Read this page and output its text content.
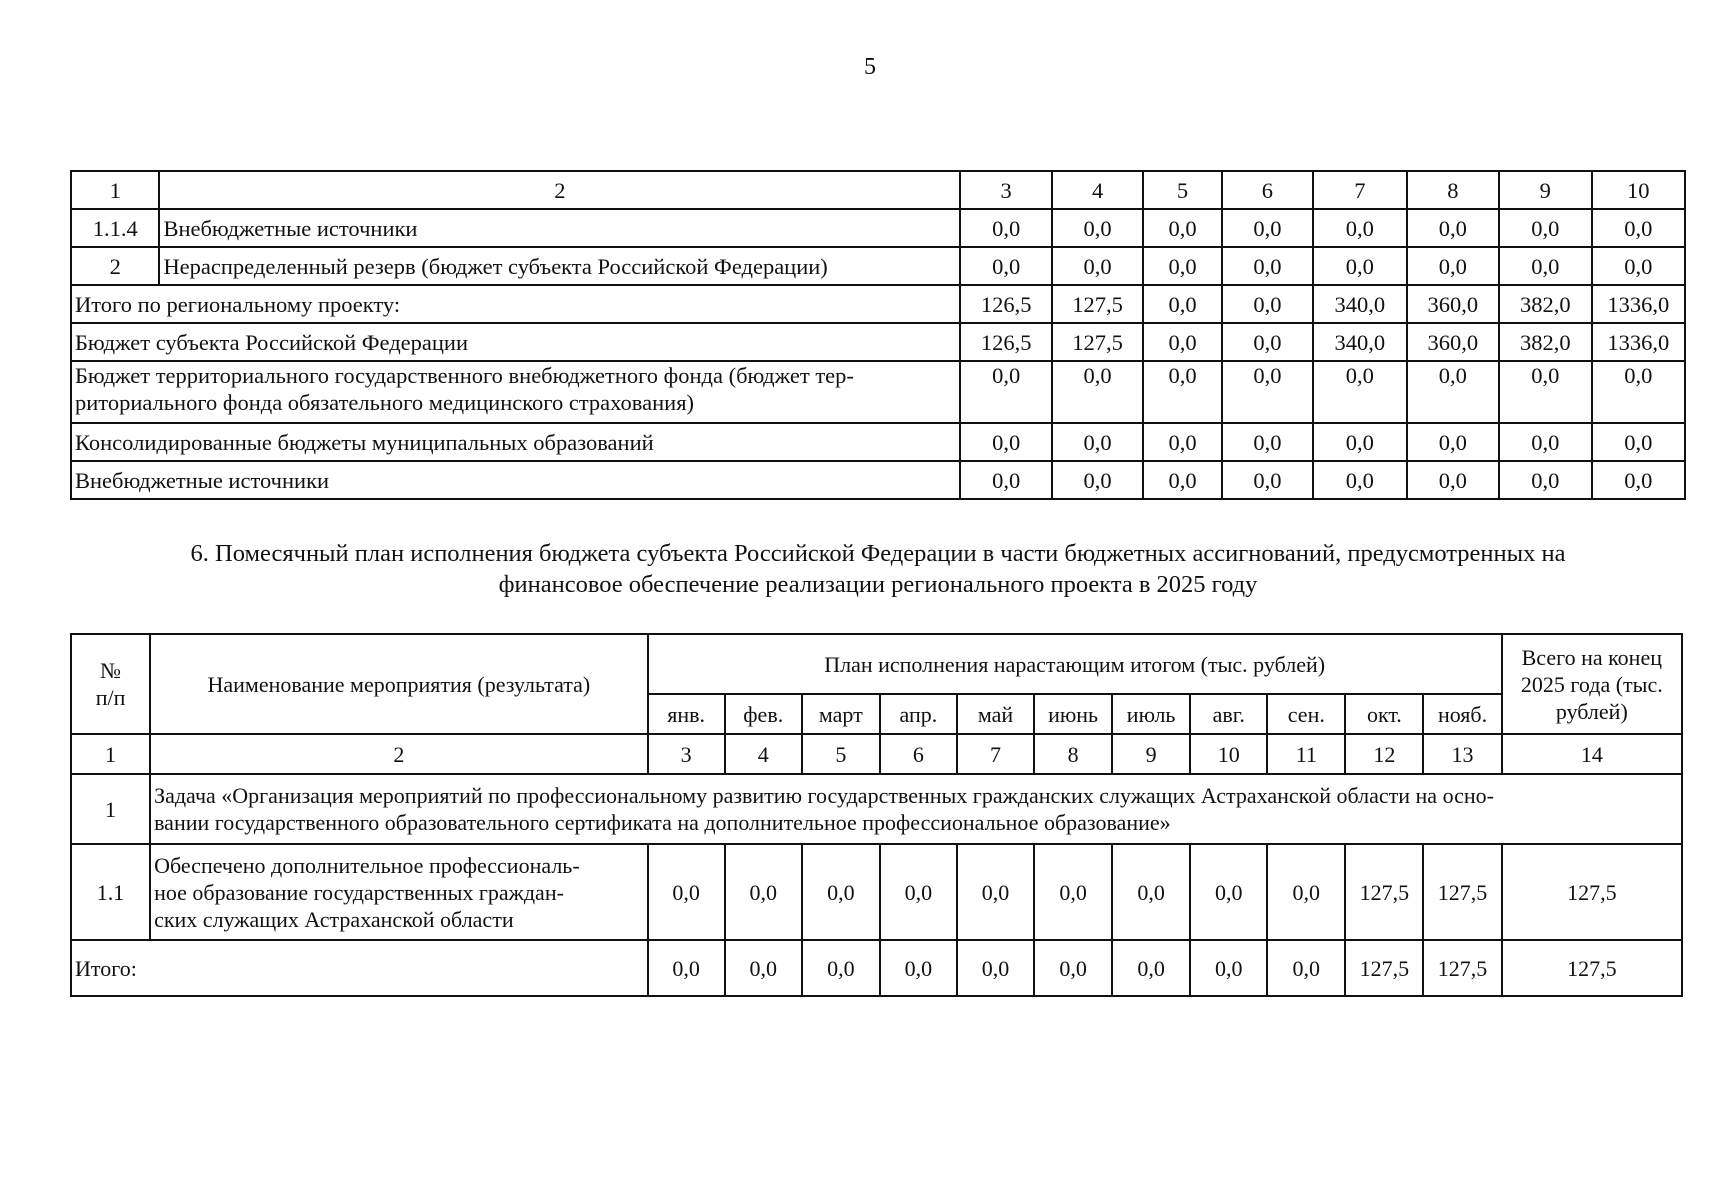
5
1	2	3	4	5	6	7	8	9	10
1.1.4	Внебюджетные источники	0,0	0,0	0,0	0,0	0,0	0,0	0,0	0,0
2	Нераспределенный резерв (бюджет субъекта Российской Федерации)	0,0	0,0	0,0	0,0	0,0	0,0	0,0	0,0
Итого по региональному проекту:		126,5	127,5	0,0	0,0	340,0	360,0	382,0	1336,0
Бюджет субъекта Российской Федерации		126,5	127,5	0,0	0,0	340,0	360,0	382,0	1336,0
Бюджет территориального государственного внебюджетного фонда (бюджет тер-
риториального фонда обязательного медицинского страхования)		0,0	0,0	0,0	0,0	0,0	0,0	0,0	0,0
Консолидированные бюджеты муниципальных образований		0,0	0,0	0,0	0,0	0,0	0,0	0,0	0,0
Внебюджетные источники		0,0	0,0	0,0	0,0	0,0	0,0	0,0	0,0
6. Помесячный план исполнения бюджета субъекта Российской Федерации в части бюджетных ассигнований, предусмотренных на
финансовое обеспечение реализации регионального проекта в 2025 году
№
п/п	Наименование мероприятия (результата)	План исполнения нарастающим итогом (тыс. рублей)											Всего на конец
2025 года (тыс.
рублей)
		янв.	фев.	март	апр.	май	июнь	июль	авг.	сен.	окт.	нояб.	
1	2	3	4	5	6	7	8	9	10	11	12	13	14
1	Задача «Организация мероприятий по профессиональному развитию государственных гражданских служащих Астраханской области на осно-
вании государственного образовательного сертификата на дополнительное профессиональное образование»												
1.1	Обеспечено дополнительное профессиональ-
ное образование государственных граждан-
ских служащих Астраханской области	0,0	0,0	0,0	0,0	0,0	0,0	0,0	0,0	0,0	127,5	127,5	127,5
Итого:		0,0	0,0	0,0	0,0	0,0	0,0	0,0	0,0	0,0	127,5	127,5	127,5
